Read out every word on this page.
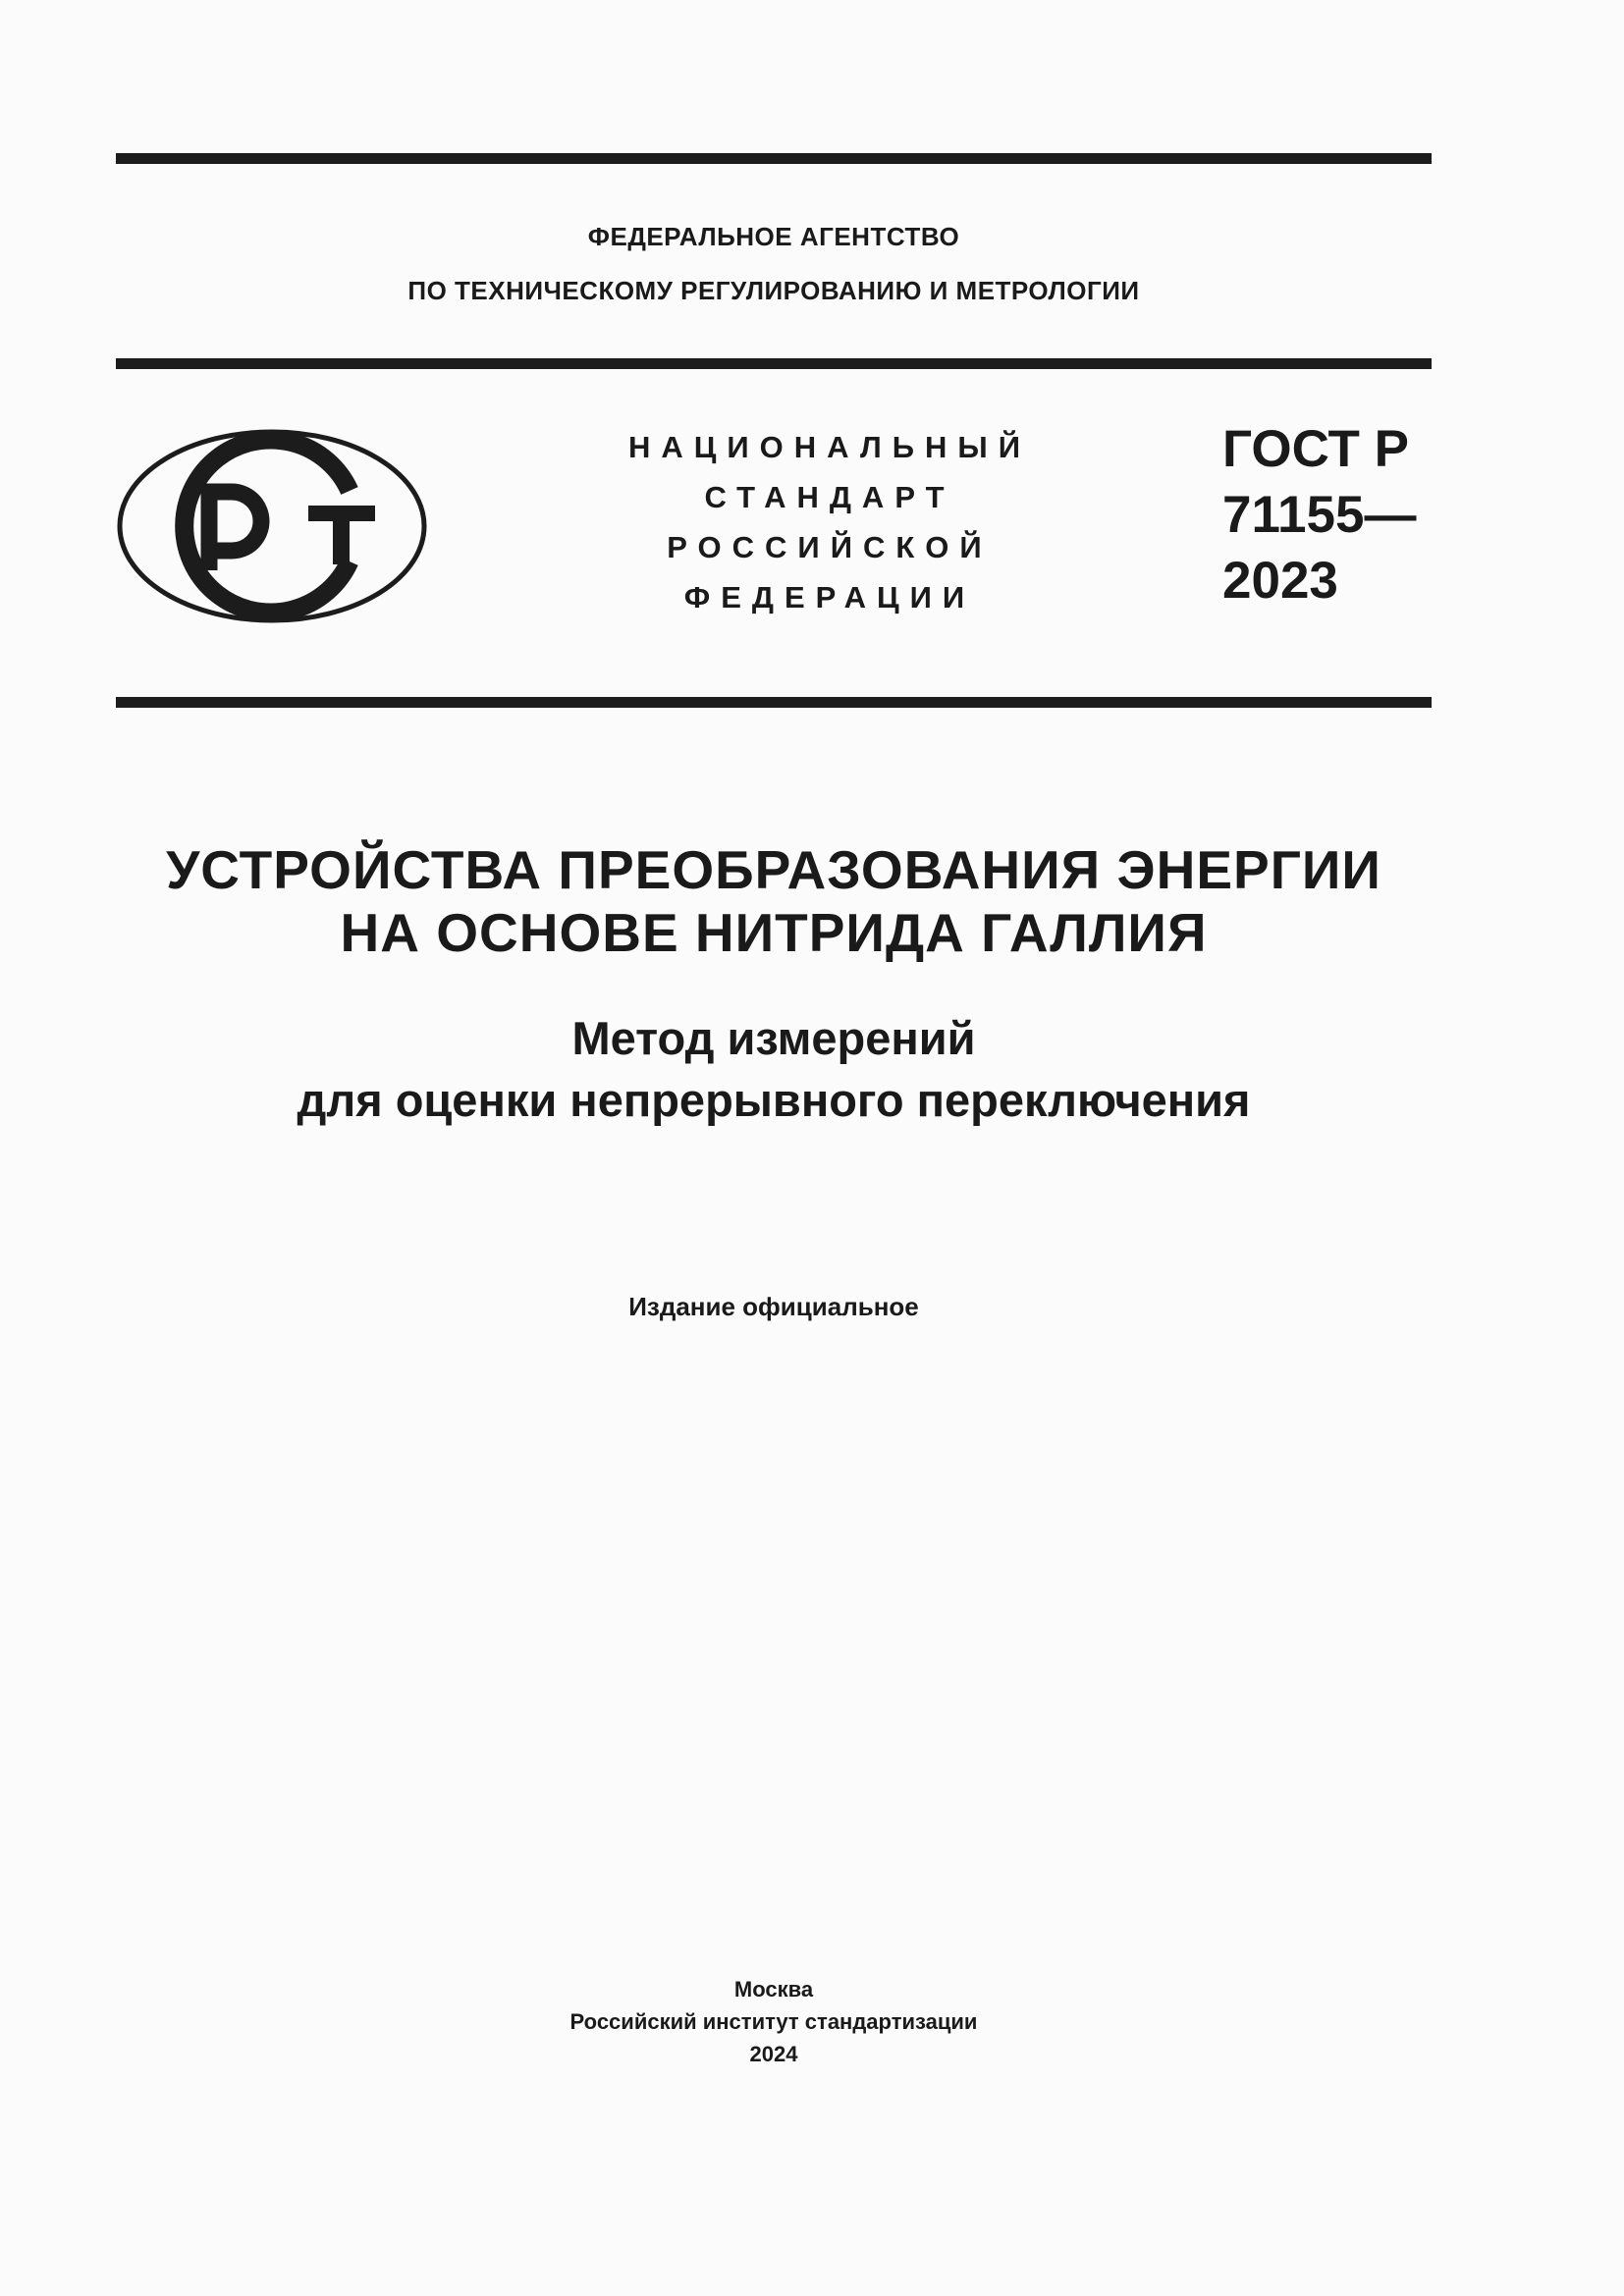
ФЕДЕРАЛЬНОЕ АГЕНТСТВО
ПО ТЕХНИЧЕСКОМУ РЕГУЛИРОВАНИЮ И МЕТРОЛОГИИ
НАЦИОНАЛЬНЫЙ
СТАНДАРТ
РОССИЙСКОЙ
ФЕДЕРАЦИИ
ГОСТ Р
71155—
2023
УСТРОЙСТВА ПРЕОБРАЗОВАНИЯ ЭНЕРГИИ
НА ОСНОВЕ НИТРИДА ГАЛЛИЯ
Метод измерений
для оценки непрерывного переключения
Издание официальное
Москва
Российский институт стандартизации
2024
